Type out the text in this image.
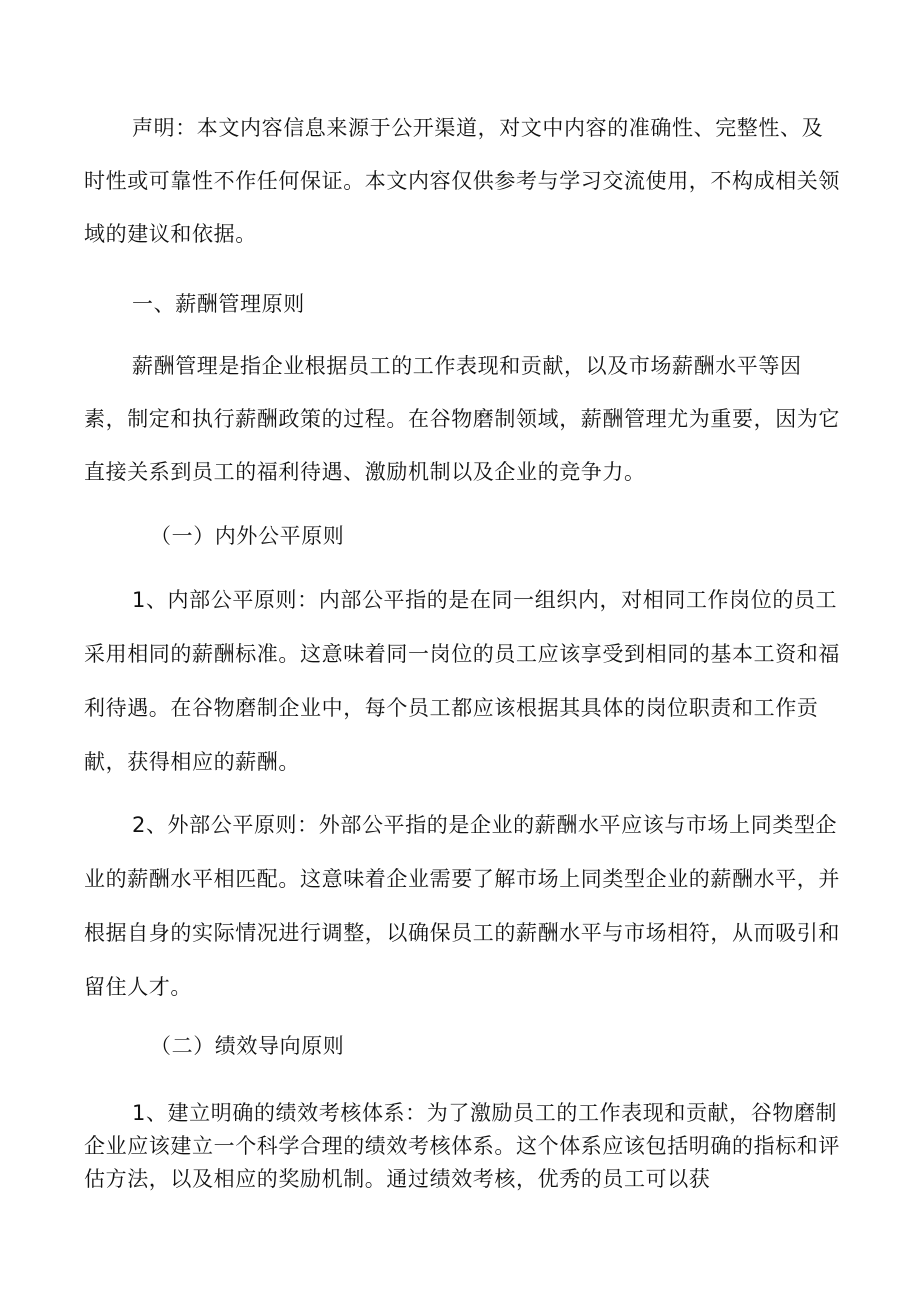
声明：本文内容信息来源于公开渠道，对文中内容的准确性、完整性、及时性或可靠性不作任何保证。本文内容仅供参考与学习交流使用，不构成相关领域的建议和依据。

一、薪酬管理原则

薪酬管理是指企业根据员工的工作表现和贡献，以及市场薪酬水平等因素，制定和执行薪酬政策的过程。在谷物磨制领域，薪酬管理尤为重要，因为它直接关系到员工的福利待遇、激励机制以及企业的竞争力。

（一）内外公平原则

1、内部公平原则：内部公平指的是在同一组织内，对相同工作岗位的员工采用相同的薪酬标准。这意味着同一岗位的员工应该享受到相同的基本工资和福利待遇。在谷物磨制企业中，每个员工都应该根据其具体的岗位职责和工作贡献，获得相应的薪酬。

2、外部公平原则：外部公平指的是企业的薪酬水平应该与市场上同类型企业的薪酬水平相匹配。这意味着企业需要了解市场上同类型企业的薪酬水平，并根据自身的实际情况进行调整，以确保员工的薪酬水平与市场相符，从而吸引和留住人才。

（二）绩效导向原则

1、建立明确的绩效考核体系：为了激励员工的工作表现和贡献，谷物磨制企业应该建立一个科学合理的绩效考核体系。这个体系应该包括明确的指标和评估方法，以及相应的奖励机制。通过绩效考核，优秀的员工可以获
